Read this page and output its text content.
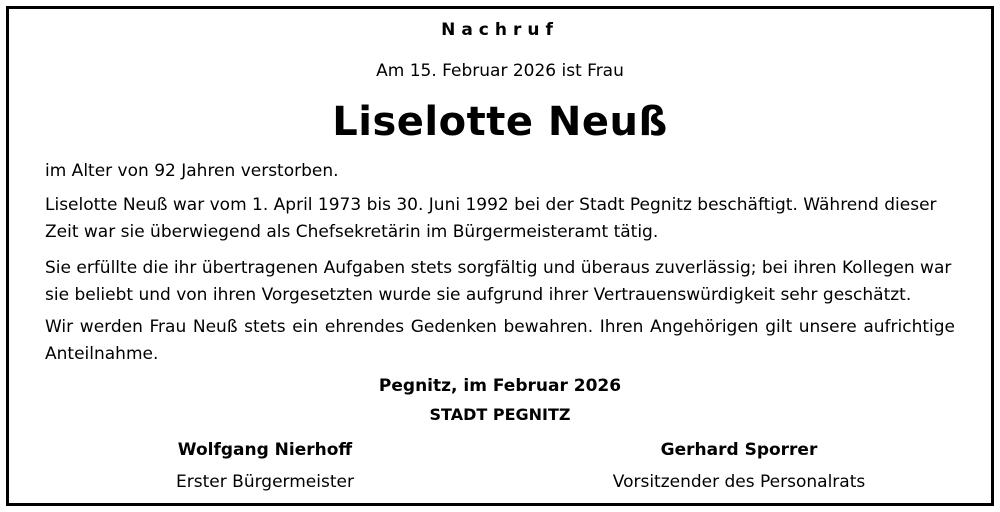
Nachruf
Am 15. Februar 2026 ist Frau
Liselotte Neuß
im Alter von 92 Jahren verstorben.
Liselotte Neuß war vom 1. April 1973 bis 30. Juni 1992 bei der Stadt Pegnitz beschäftigt. Während dieser Zeit war sie überwiegend als Chefsekretärin im Bürgermeisteramt tätig.
Sie erfüllte die ihr übertragenen Aufgaben stets sorgfältig und überaus zuverlässig; bei ihren Kollegen war sie beliebt und von ihren Vorgesetzten wurde sie aufgrund ihrer Vertrauenswürdigkeit sehr geschätzt.
Wir werden Frau Neuß stets ein ehrendes Gedenken bewahren. Ihren Angehörigen gilt unsere aufrichtige Anteilnahme.
Pegnitz, im Februar 2026
STADT PEGNITZ
Wolfgang Nierhoff
Erster Bürgermeister
Gerhard Sporrer
Vorsitzender des Personalrats
